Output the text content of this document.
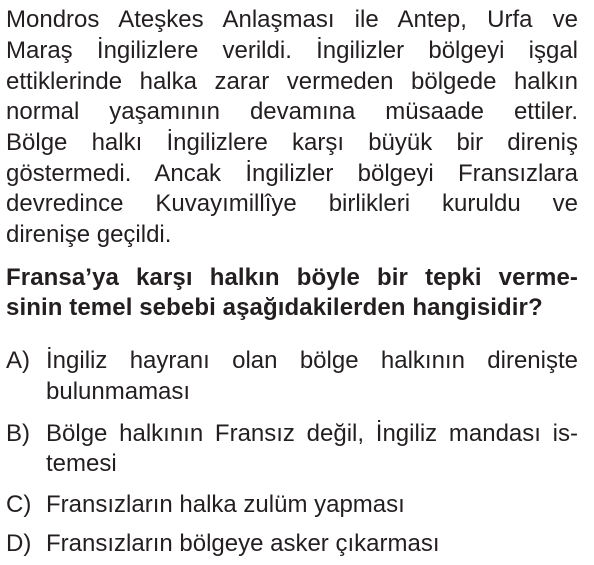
Mondros Ateşkes Anlaşması ile Antep, Urfa ve
Maraş İngilizlere verildi. İngilizler bölgeyi işgal
ettiklerinde halka zarar vermeden bölgede halkın
normal yaşamının devamına müsaade ettiler.
Bölge halkı İngilizlere karşı büyük bir direniş
göstermedi. Ancak İngilizler bölgeyi Fransızlara
devredince Kuvayımillîye birlikleri kuruldu ve
direnişe geçildi.
Fransa’ya karşı halkın böyle bir tepki verme-
sinin temel sebebi aşağıdakilerden hangisidir?
A) İngiliz hayranı olan bölge halkının direnişte
bulunmaması
B) Bölge halkının Fransız değil, İngiliz mandası is-
temesi
C) Fransızların halka zulüm yapması
D) Fransızların bölgeye asker çıkarması
